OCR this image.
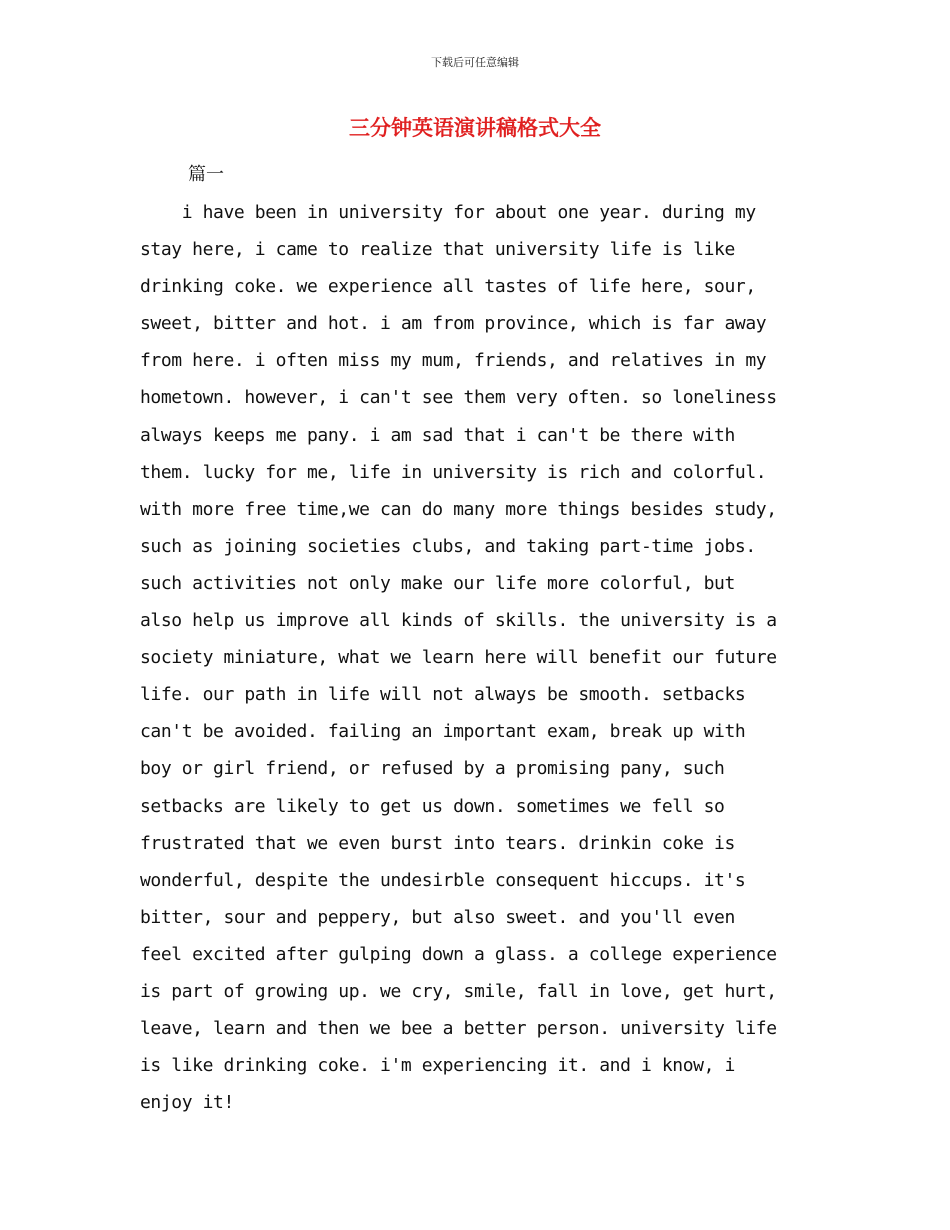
下载后可任意编辑
三分钟英语演讲稿格式大全
篇一
i have been in university for about one year. during my
stay here, i came to realize that university life is like
drinking coke. we experience all tastes of life here, sour,
sweet, bitter and hot. i am from province, which is far away
from here. i often miss my mum, friends, and relatives in my
hometown. however, i can't see them very often. so loneliness
always keeps me pany. i am sad that i can't be there with
them. lucky for me, life in university is rich and colorful.
with more free time,we can do many more things besides study,
such as joining societies clubs, and taking part-time jobs.
such activities not only make our life more colorful, but
also help us improve all kinds of skills. the university is a
society miniature, what we learn here will benefit our future
life. our path in life will not always be smooth. setbacks
can't be avoided. failing an important exam, break up with
boy or girl friend, or refused by a promising pany, such
setbacks are likely to get us down. sometimes we fell so
frustrated that we even burst into tears. drinkin coke is
wonderful, despite the undesirble consequent hiccups. it's
bitter, sour and peppery, but also sweet. and you'll even
feel excited after gulping down a glass. a college experience
is part of growing up. we cry, smile, fall in love, get hurt,
leave, learn and then we bee a better person. university life
is like drinking coke. i'm experiencing it. and i know, i
enjoy it!
